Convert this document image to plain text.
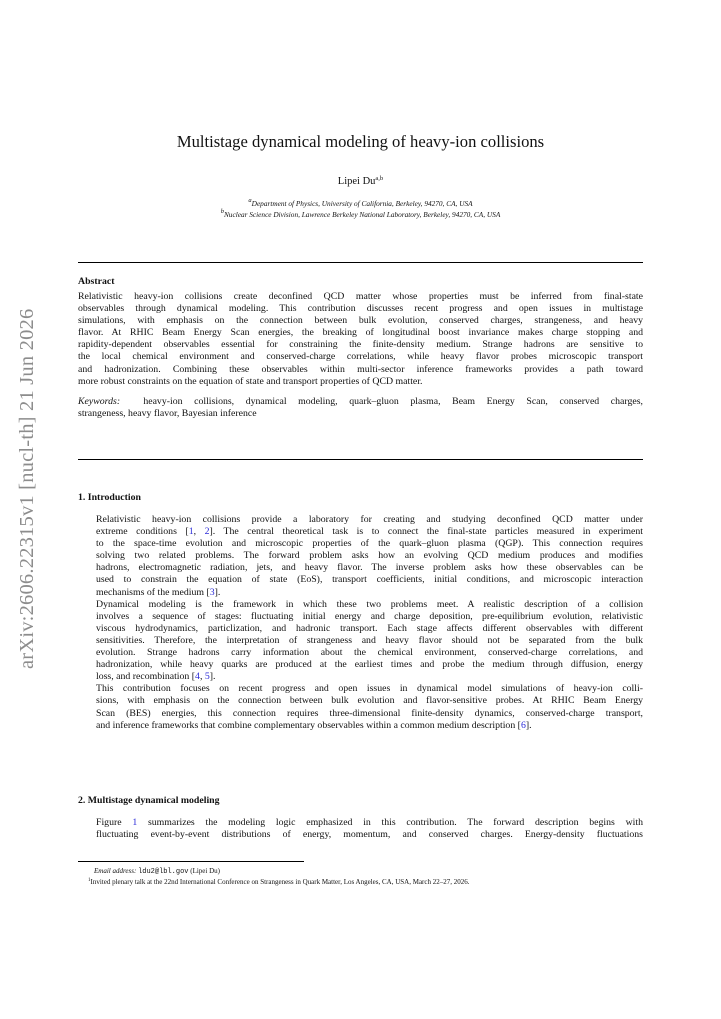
arXiv:2606.22315v1 [nucl-th] 21 Jun 2026
Multistage dynamical modeling of heavy-ion collisions
Lipei Du$^{a,b}$
$^a$Department of Physics, University of California, Berkeley, 94270, CA, USA
$^b$Nuclear Science Division, Lawrence Berkeley National Laboratory, Berkeley, 94270, CA, USA
Abstract
Relativistic heavy-ion collisions create deconfined QCD matter whose properties must be inferred from final-state
observables through dynamical modeling. This contribution discusses recent progress and open issues in multistage
simulations, with emphasis on the connection between bulk evolution, conserved charges, strangeness, and heavy
flavor. At RHIC Beam Energy Scan energies, the breaking of longitudinal boost invariance makes charge stopping and
rapidity-dependent observables essential for constraining the finite-density medium. Strange hadrons are sensitive to
the local chemical environment and conserved-charge correlations, while heavy flavor probes microscopic transport
and hadronization. Combining these observables within multi-sector inference frameworks provides a path toward
more robust constraints on the equation of state and transport properties of QCD matter.
Keywords: heavy-ion collisions, dynamical modeling, quark–gluon plasma, Beam Energy Scan, conserved charges,
strangeness, heavy flavor, Bayesian inference
1. Introduction
Relativistic heavy-ion collisions provide a laboratory for creating and studying deconfined QCD matter under
extreme conditions [1, 2]. The central theoretical task is to connect the final-state particles measured in experiment
to the space-time evolution and microscopic properties of the quark–gluon plasma (QGP). This connection requires
solving two related problems. The forward problem asks how an evolving QCD medium produces and modifies
hadrons, electromagnetic radiation, jets, and heavy flavor. The inverse problem asks how these observables can be
used to constrain the equation of state (EoS), transport coefficients, initial conditions, and microscopic interaction
mechanisms of the medium [3].
Dynamical modeling is the framework in which these two problems meet. A realistic description of a collision
involves a sequence of stages: fluctuating initial energy and charge deposition, pre-equilibrium evolution, relativistic
viscous hydrodynamics, particlization, and hadronic transport. Each stage affects different observables with different
sensitivities. Therefore, the interpretation of strangeness and heavy flavor should not be separated from the bulk
evolution. Strange hadrons carry information about the chemical environment, conserved-charge correlations, and
hadronization, while heavy quarks are produced at the earliest times and probe the medium through diffusion, energy
loss, and recombination [4, 5].
This contribution focuses on recent progress and open issues in dynamical model simulations of heavy-ion colli-
sions, with emphasis on the connection between bulk evolution and flavor-sensitive probes. At RHIC Beam Energy
Scan (BES) energies, this connection requires three-dimensional finite-density dynamics, conserved-charge transport,
and inference frameworks that combine complementary observables within a common medium description [6].
2. Multistage dynamical modeling
Figure 1 summarizes the modeling logic emphasized in this contribution. The forward description begins with
fluctuating event-by-event distributions of energy, momentum, and conserved charges. Energy-density fluctuations
Email address: ldu2@lbl.gov (Lipei Du)
$^1$Invited plenary talk at the 22nd International Conference on Strangeness in Quark Matter, Los Angeles, CA, USA, March 22–27, 2026.
